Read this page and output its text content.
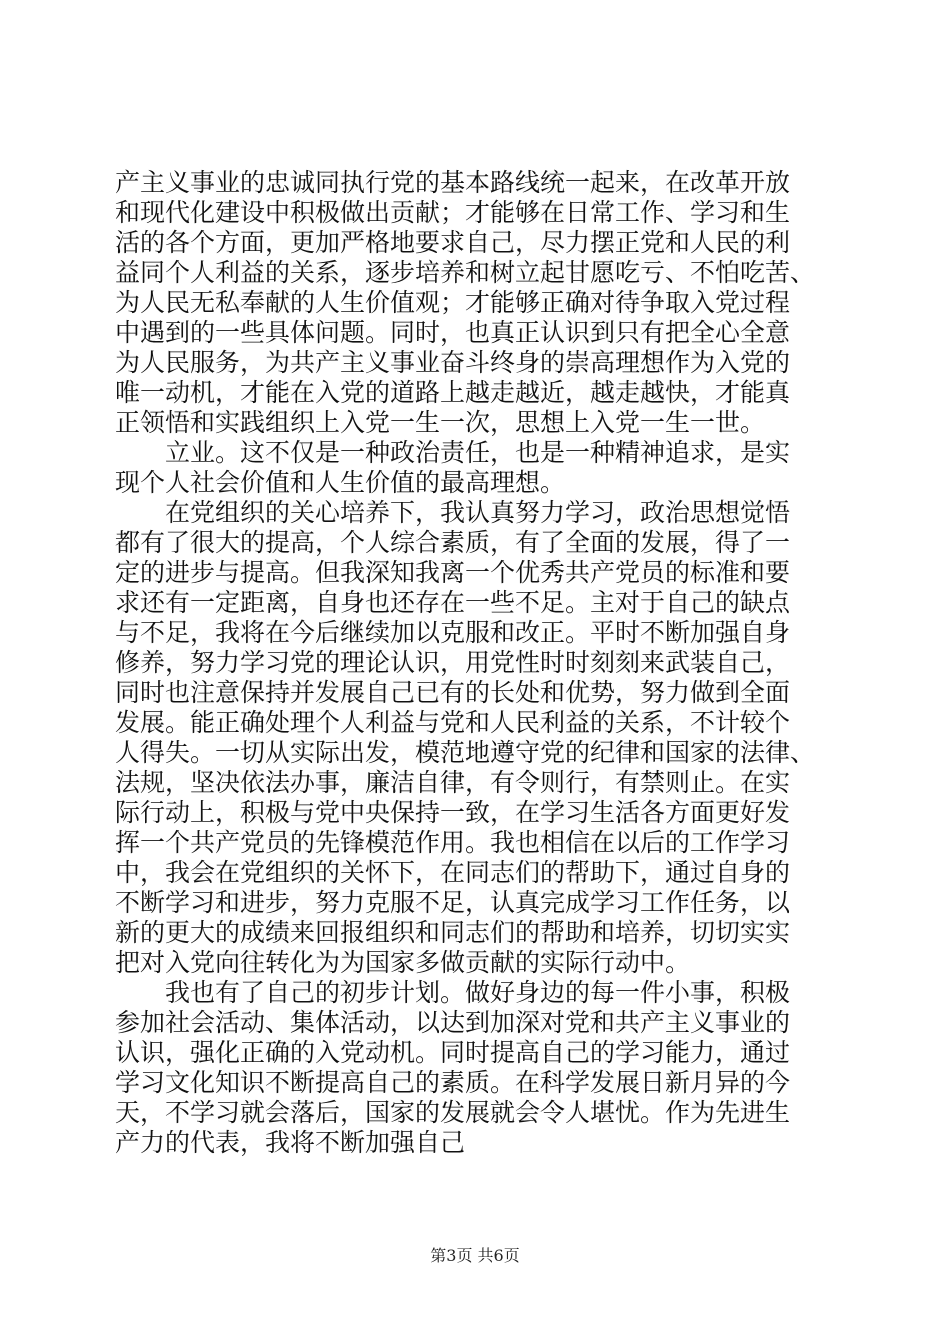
产主义事业的忠诚同执行党的基本路线统一起来，在改革开放
和现代化建设中积极做出贡献；才能够在日常工作、学习和生
活的各个方面，更加严格地要求自己，尽力摆正党和人民的利
益同个人利益的关系，逐步培养和树立起甘愿吃亏、不怕吃苦、
为人民无私奉献的人生价值观；才能够正确对待争取入党过程
中遇到的一些具体问题。同时，也真正认识到只有把全心全意
为人民服务，为共产主义事业奋斗终身的崇高理想作为入党的
唯一动机，才能在入党的道路上越走越近，越走越快，才能真
正领悟和实践组织上入党一生一次，思想上入党一生一世。
立业。这不仅是一种政治责任，也是一种精神追求，是实
现个人社会价值和人生价值的最高理想。
在党组织的关心培养下，我认真努力学习，政治思想觉悟
都有了很大的提高，个人综合素质，有了全面的发展，得了一
定的进步与提高。但我深知我离一个优秀共产党员的标准和要
求还有一定距离，自身也还存在一些不足。主对于自己的缺点
与不足，我将在今后继续加以克服和改正。平时不断加强自身
修养，努力学习党的理论认识，用党性时时刻刻来武装自己，
同时也注意保持并发展自己已有的长处和优势，努力做到全面
发展。能正确处理个人利益与党和人民利益的关系，不计较个
人得失。一切从实际出发，模范地遵守党的纪律和国家的法律、
法规，坚决依法办事，廉洁自律，有令则行，有禁则止。在实
际行动上，积极与党中央保持一致，在学习生活各方面更好发
挥一个共产党员的先锋模范作用。我也相信在以后的工作学习
中，我会在党组织的关怀下，在同志们的帮助下，通过自身的
不断学习和进步，努力克服不足，认真完成学习工作任务，以
新的更大的成绩来回报组织和同志们的帮助和培养，切切实实
把对入党向往转化为为国家多做贡献的实际行动中。
我也有了自己的初步计划。做好身边的每一件小事，积极
参加社会活动、集体活动，以达到加深对党和共产主义事业的
认识，强化正确的入党动机。同时提高自己的学习能力，通过
学习文化知识不断提高自己的素质。在科学发展日新月异的今
天，不学习就会落后，国家的发展就会令人堪忧。作为先进生
产力的代表，我将不断加强自己
第3页 共6页
